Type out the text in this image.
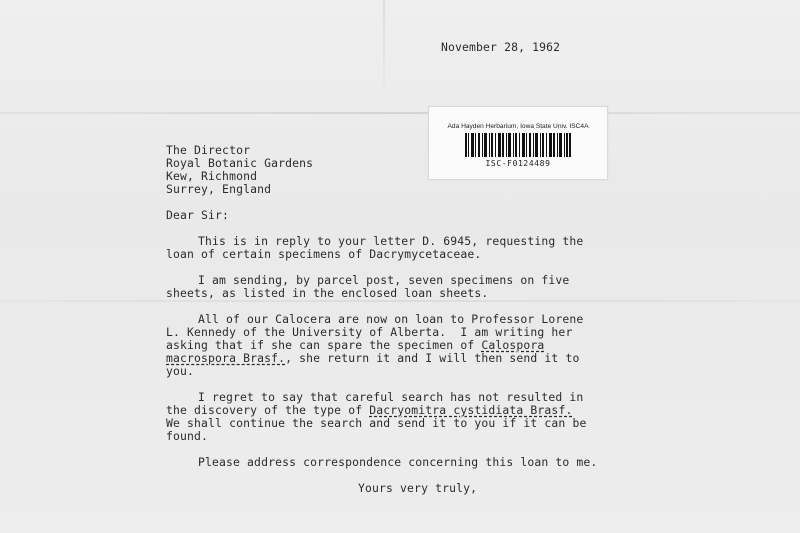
November 28, 1962
Ada Hayden Herbarium, Iowa State Univ. ISC4A
ISC-F0124489
The Director
Royal Botanic Gardens
Kew, Richmond
Surrey, England
Dear Sir:
This is in reply to your letter D. 6945, requesting the
loan of certain specimens of Dacrymycetaceae.
I am sending, by parcel post, seven specimens on five
sheets, as listed in the enclosed loan sheets.
All of our Calocera are now on loan to Professor Lorene
L. Kennedy of the University of Alberta.  I am writing her
asking that if she can spare the specimen of Calospora
macrospora Brasf., she return it and I will then send it to
you.
I regret to say that careful search has not resulted in
the discovery of the type of Dacryomitra cystidiata Brasf.
We shall continue the search and send it to you if it can be
found.
Please address correspondence concerning this loan to me.
Yours very truly,
